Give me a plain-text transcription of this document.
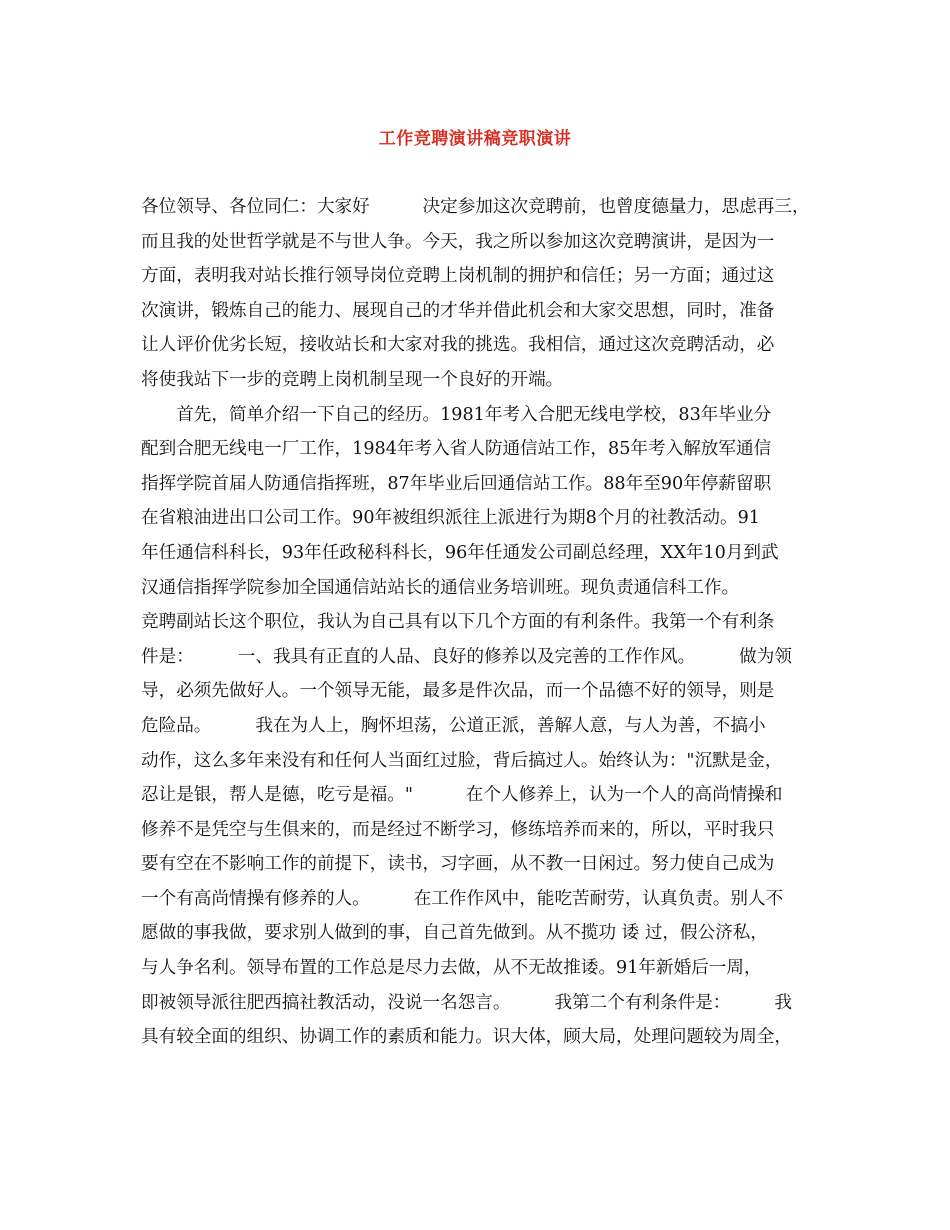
工作竞聘演讲稿竞职演讲
各位领导、各位同仁：大家好　　　决定参加这次竞聘前，也曾度德量力，思虑再三，
而且我的处世哲学就是不与世人争。今天，我之所以参加这次竞聘演讲，是因为一
方面，表明我对站长推行领导岗位竞聘上岗机制的拥护和信任；另一方面；通过这
次演讲，锻炼自己的能力、展现自己的才华并借此机会和大家交思想，同时，准备
让人评价优劣长短，接收站长和大家对我的挑选。我相信，通过这次竞聘活动，必
将使我站下一步的竞聘上岗机制呈现一个良好的开端。
　　首先，简单介绍一下自己的经历。1981年考入合肥无线电学校，83年毕业分
配到合肥无线电一厂工作，1984年考入省人防通信站工作，85年考入解放军通信
指挥学院首届人防通信指挥班，87年毕业后回通信站工作。88年至90年停薪留职
在省粮油进出口公司工作。90年被组织派往上派进行为期8个月的社教活动。91
年任通信科科长，93年任政秘科科长，96年任通发公司副总经理，XX年10月到武
汉通信指挥学院参加全国通信站站长的通信业务培训班。现负责通信科工作。
竞聘副站长这个职位，我认为自己具有以下几个方面的有利条件。我第一个有利条
件是：　　　一、我具有正直的人品、良好的修养以及完善的工作作风。　　　做为领
导，必须先做好人。一个领导无能，最多是件次品，而一个品德不好的领导，则是
危险品。　　　我在为人上，胸怀坦荡，公道正派，善解人意，与人为善，不搞小
动作，这么多年来没有和任何人当面红过脸，背后搞过人。始终认为："沉默是金，
忍让是银，帮人是德，吃亏是福。"　　　在个人修养上，认为一个人的高尚情操和
修养不是凭空与生俱来的，而是经过不断学习，修练培养而来的，所以，平时我只
要有空在不影响工作的前提下，读书，习字画，从不教一日闲过。努力使自己成为
一个有高尚情操有修养的人。　　　在工作作风中，能吃苦耐劳，认真负责。别人不
愿做的事我做，要求别人做到的事，自己首先做到。从不揽功 诿 过，假公济私，
与人争名利。领导布置的工作总是尽力去做，从不无故推诿。91年新婚后一周，
即被领导派往肥西搞社教活动，没说一名怨言。　　　我第二个有利条件是：　　　我
具有较全面的组织、协调工作的素质和能力。识大体，顾大局，处理问题较为周全，
